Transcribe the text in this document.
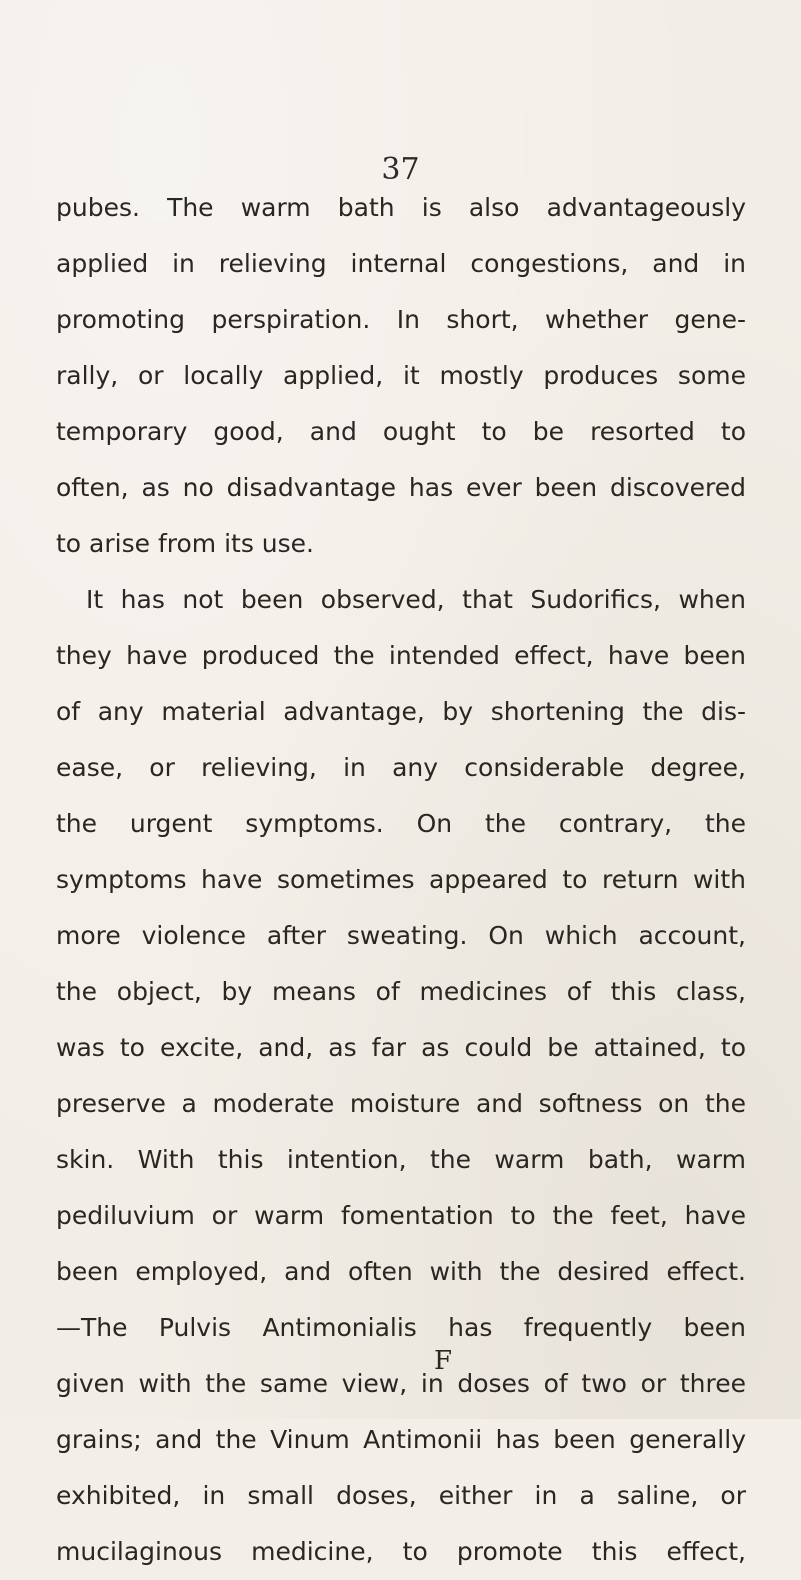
37
pubes. The warm bath is also advantageously
applied in relieving internal congestions, and in
promoting perspiration. In short, whether gene-
rally, or locally applied, it mostly produces some
temporary good, and ought to be resorted to
often, as no disadvantage has ever been discovered
to arise from its use.
It has not been observed, that Sudorifics, when
they have produced the intended effect, have been
of any material advantage, by shortening the dis-
ease, or relieving, in any considerable degree,
the urgent symptoms. On the contrary, the
symptoms have sometimes appeared to return with
more violence after sweating. On which account,
the object, by means of medicines of this class,
was to excite, and, as far as could be attained, to
preserve a moderate moisture and softness on the
skin. With this intention, the warm bath, warm
pediluvium or warm fomentation to the feet, have
been employed, and often with the desired effect.
—The Pulvis Antimonialis has frequently been
given with the same view, in doses of two or three
grains; and the Vinum Antimonii has been generally
exhibited, in small doses, either in a saline, or
mucilaginous medicine, to promote this effect,
F
